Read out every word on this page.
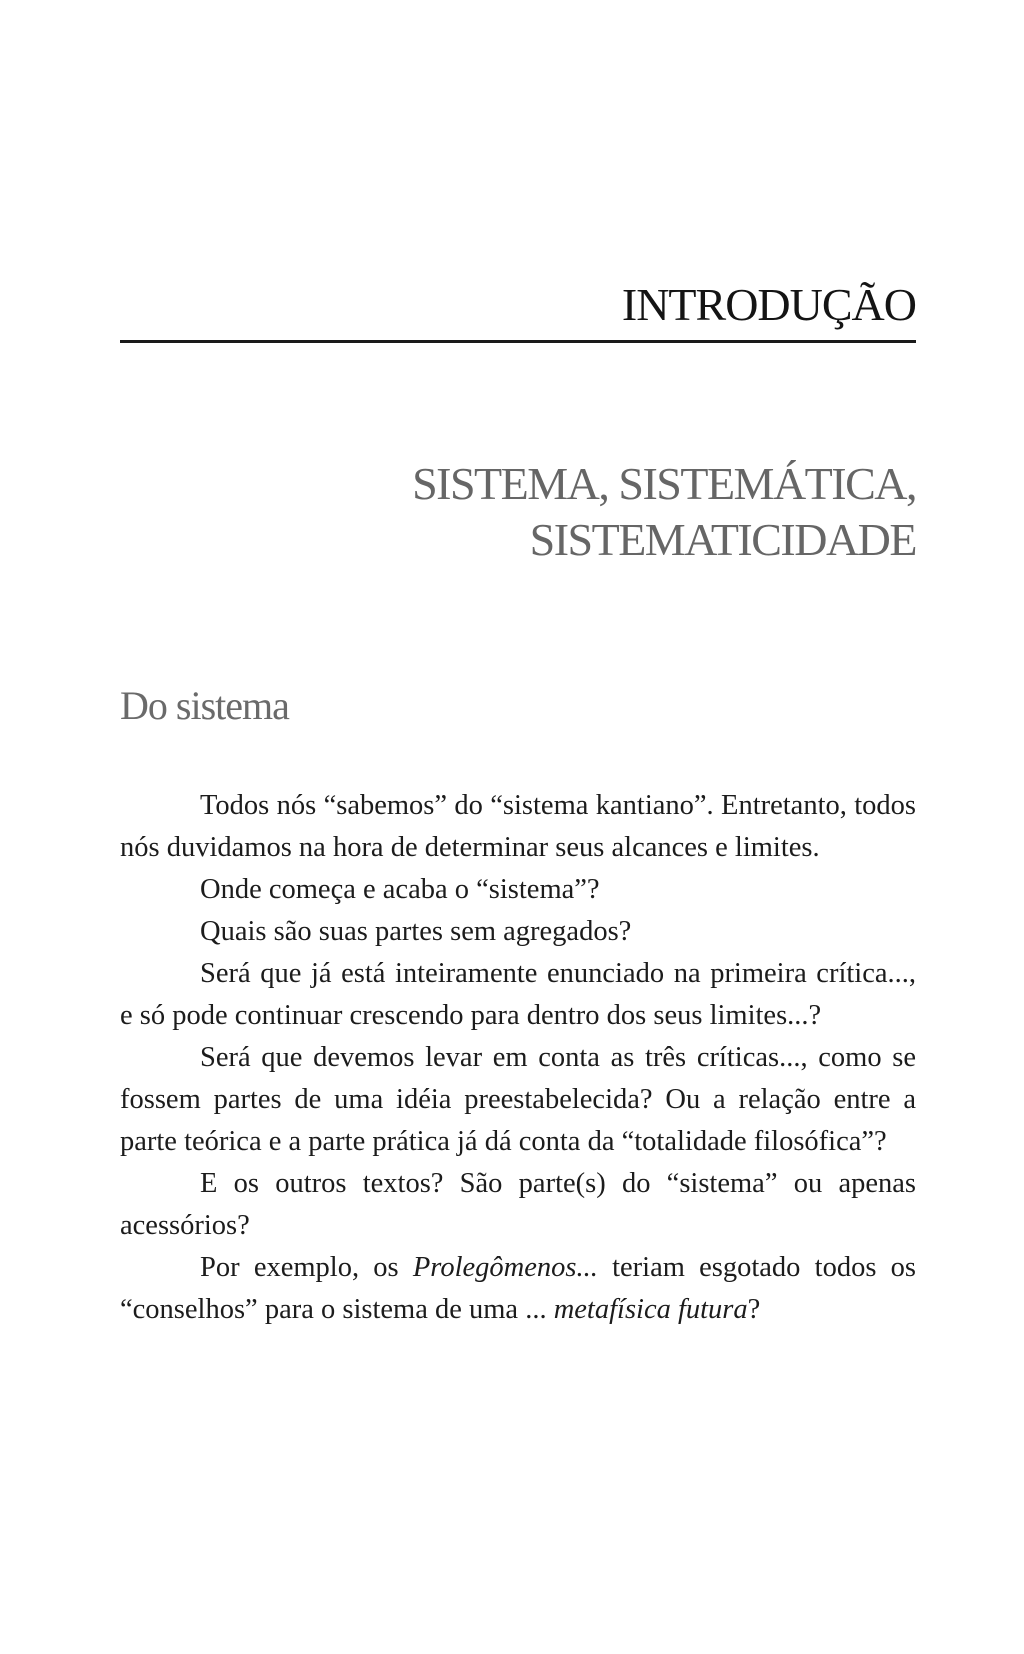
INTRODUÇÃO
SISTEMA, SISTEMÁTICA,
SISTEMATICIDADE
Do sistema

Todos nós “sabemos” do “sistema kantiano”. Entretanto, todos nós duvidamos na hora de determinar seus alcances e limites.

Onde começa e acaba o “sistema”?

Quais são suas partes sem agregados?

Será que já está inteiramente enunciado na primeira crítica..., e só pode continuar crescendo para dentro dos seus limites...?

Será que devemos levar em conta as três críticas..., como se fossem partes de uma idéia preestabelecida? Ou a relação entre a parte teórica e a parte prática já dá conta da “totalidade filosófica”?

E os outros textos? São parte(s) do “sistema” ou apenas acessórios?

Por exemplo, os Prolegômenos... teriam esgotado todos os “conselhos” para o sistema de uma ... metafísica futura?
